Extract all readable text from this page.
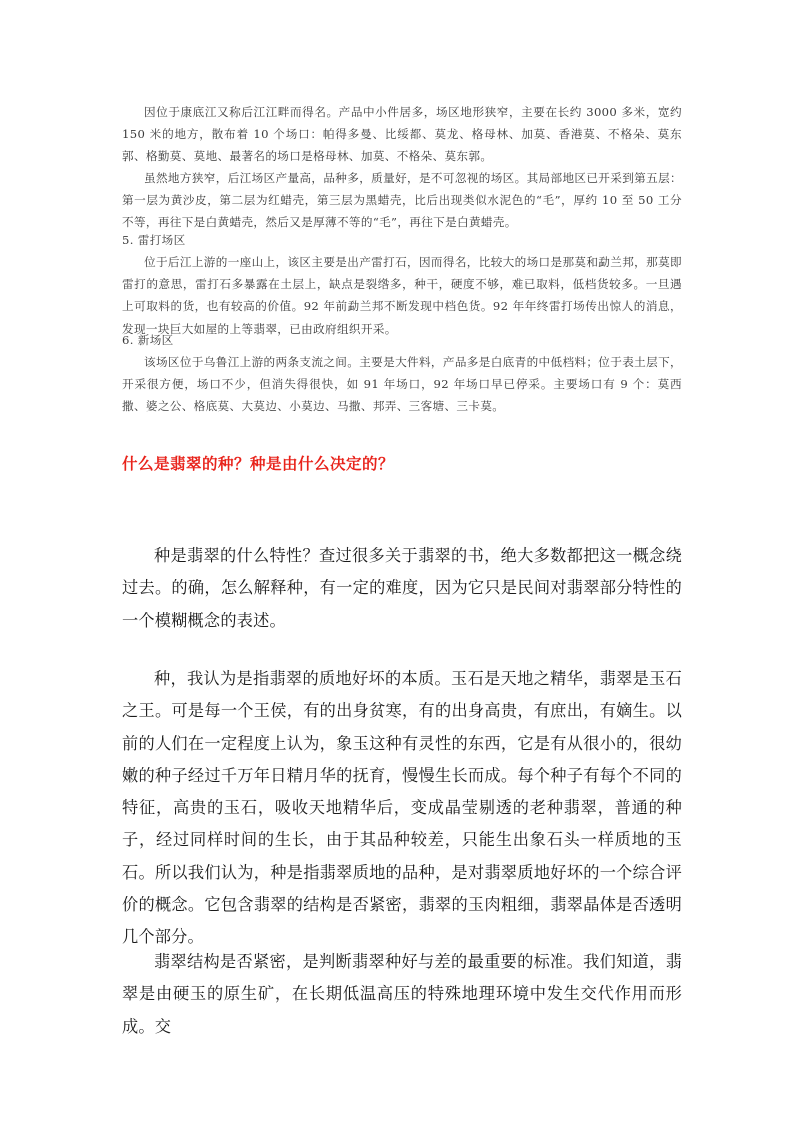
因位于康底江又称后江江畔而得名。产品中小件居多，场区地形狭窄，主要在长约 3000 多米，宽约 150 米的地方，散布着 10 个场口：帕得多曼、比绥都、莫龙、格母林、加莫、香港莫、不格朵、莫东郭、格勤莫、莫地、最著名的场口是格母林、加莫、不格朵、莫东郭。

虽然地方狭窄，后江场区产量高，品种多，质量好，是不可忽视的场区。其局部地区已开采到第五层：第一层为黄沙皮，第二层为红蜡壳，第三层为黑蜡壳，比后出现类似水泥色的“毛”，厚约 10 至 50 工分不等，再往下是白黄蜡壳，然后又是厚薄不等的“毛”，再往下是白黄蜡壳。

5. 雷打场区

位于后江上游的一座山上，该区主要是出产雷打石，因而得名，比较大的场口是那莫和勐兰邦，那莫即雷打的意思，雷打石多暴露在土层上，缺点是裂绺多，种干，硬度不够，难已取料，低档货较多。一旦遇上可取料的货，也有较高的价值。92 年前勐兰邦不断发现中档色货。92 年年终雷打场传出惊人的消息，发现一块巨大如屋的上等翡翠，已由政府组织开采。

6. 新场区

该场区位于乌鲁江上游的两条支流之间。主要是大件料，产品多是白底青的中低档料；位于表土层下，开采很方便，场口不少，但消失得很快，如 91 年场口，92 年场口早已停采。主要场口有 9 个：莫西撒、婆之公、格底莫、大莫边、小莫边、马撒、邦弄、三客塘、三卡莫。

什么是翡翠的种？种是由什么决定的？

种是翡翠的什么特性？查过很多关于翡翠的书，绝大多数都把这一概念绕过去。的确，怎么解释种，有一定的难度，因为它只是民间对翡翠部分特性的一个模糊概念的表述。

种，我认为是指翡翠的质地好坏的本质。玉石是天地之精华，翡翠是玉石之王。可是每一个王侯，有的出身贫寒，有的出身高贵，有庶出，有嫡生。以前的人们在一定程度上认为，象玉这种有灵性的东西，它是有从很小的，很幼嫩的种子经过千万年日精月华的抚育，慢慢生长而成。每个种子有每个不同的特征，高贵的玉石，吸收天地精华后，变成晶莹剔透的老种翡翠，普通的种子，经过同样时间的生长，由于其品种较差，只能生出象石头一样质地的玉石。所以我们认为，种是指翡翠质地的品种，是对翡翠质地好坏的一个综合评价的概念。它包含翡翠的结构是否紧密，翡翠的玉肉粗细，翡翠晶体是否透明几个部分。

翡翠结构是否紧密，是判断翡翠种好与差的最重要的标准。我们知道，翡翠是由硬玉的原生矿，在长期低温高压的特殊地理环境中发生交代作用而形成。交
